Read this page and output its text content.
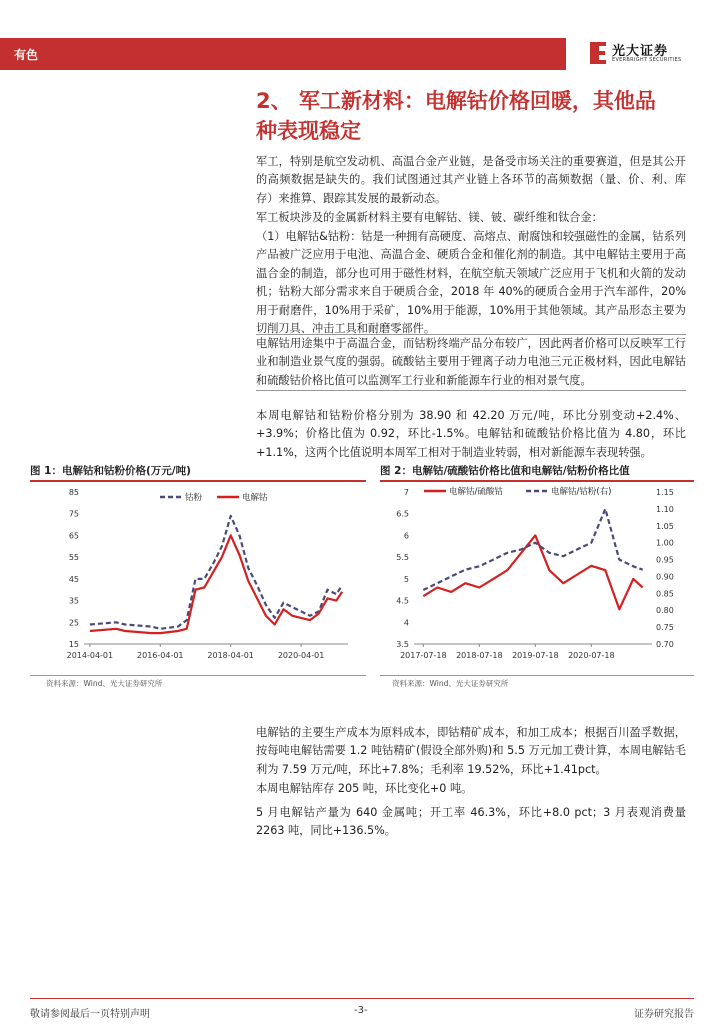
有色	光大证券
EVERBRIGHT SECURITIES
2、 军工新材料：电解钴价格回暖，其他品
种表现稳定

军工，特别是航空发动机、高温合金产业链，是备受市场关注的重要赛道，但是其公开的高频数据是缺失的。我们试图通过其产业链上各环节的高频数据（量、价、利、库存）来推算、跟踪其发展的最新动态。

军工板块涉及的金属新材料主要有电解钴、镁、铍、碳纤维和钛合金：

（1）电解钴&钴粉：钴是一种拥有高硬度、高熔点、耐腐蚀和较强磁性的金属，钴系列产品被广泛应用于电池、高温合金、硬质合金和催化剂的制造。其中电解钴主要用于高温合金的制造，部分也可用于磁性材料，在航空航天领域广泛应用于飞机和火箭的发动机；钴粉大部分需求来自于硬质合金，2018 年 40%的硬质合金用于汽车部件，20%用于耐磨件，10%用于采矿，10%用于能源，10%用于其他领域。其产品形态主要为切削刀具、冲击工具和耐磨零部件。

电解钴用途集中于高温合金，而钴粉终端产品分布较广，因此两者价格可以反映军工行业和制造业景气度的强弱。硫酸钴主要用于锂离子动力电池三元正极材料，因此电解钴和硫酸钴价格比值可以监测军工行业和新能源车行业的相对景气度。

本周电解钴和钴粉价格分别为 38.90 和 42.20 万元/吨，环比分别变动+2.4%、+3.9%；价格比值为 0.92，环比-1.5%。电解钴和硫酸钴价格比值为 4.80，环比+1.1%，这两个比值说明本周军工相对于制造业转弱，相对新能源车表现转强。

图 1：电解钴和钴粉价格(万元/吨)	图 2：电解钴/硫酸钴价格比值和电解钴/钴粉价格比值
15
25
35
45
55
65
75
85
2014-04-01	2016-04-01	2018-04-01	2020-04-01
钴粉	电解钴
3.5
4
4.5
5
5.5
6
6.5
7
0.70
0.75
0.80
0.85
0.90
0.95
1.00
1.05
1.10
1.15
2017-07-18 2018-07-18 2019-07-18 2020-07-18
电解钴/硫酸钴	电解钴/钴粉(右)
资料来源：Wind、光大证券研究所	资料来源：Wind、光大证券研究所

电解钴的主要生产成本为原料成本，即钴精矿成本，和加工成本；根据百川盈孚数据，按每吨电解钴需要 1.2 吨钴精矿(假设全部外购)和 5.5 万元加工费计算，本周电解钴毛利为 7.59 万元/吨，环比+7.8%；毛利率 19.52%，环比+1.41pct。

本周电解钴库存 205 吨，环比变化+0 吨。

5 月电解钴产量为 640 金属吨；开工率 46.3%，环比+8.0 pct；3 月表观消费量 2263 吨，同比+136.5%。

敬请参阅最后一页特别声明	-3-	证券研究报告
